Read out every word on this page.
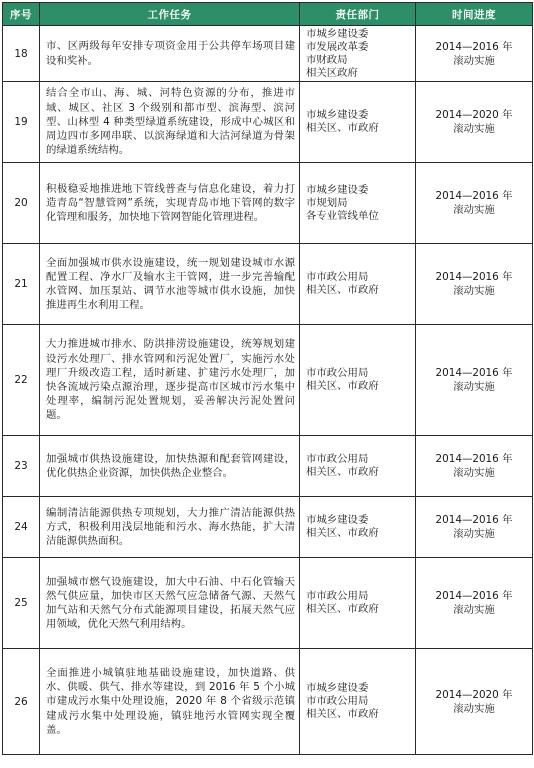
序号	工作任务	责任部门	时间进度
18	市、区两级每年安排专项资金用于公共停车场项目建设和奖补。	市城乡建设委
市发展改革委
市财政局
相关区政府	2014—2016 年
滚动实施

19	结合全市山、海、城、河特色资源的分布，推进市域、城区、社区 3 个级别和都市型、滨海型、滨河型、山林型 4 种类型绿道系统建设，形成中心城区和周边四市多网串联、以滨海绿道和大沽河绿道为骨架的绿道系统结构。	市城乡建设委
相关区、市政府	2014—2020 年
滚动实施

20	积极稳妥地推进地下管线普查与信息化建设，着力打造青岛“智慧管网”系统，实现青岛市地下管网的数字化管理和服务，加快地下管网智能化管理进程。	市城乡建设委
市规划局
各专业管线单位	2014—2016 年
滚动实施

21	全面加强城市供水设施建设，统一规划建设城市水源配置工程、净水厂及输水主干管网，进一步完善输配水管网、加压泵站、调节水池等城市供水设施，加快推进再生水利用工程。	市市政公用局
相关区、市政府	2014—2016 年
滚动实施

22	大力推进城市排水、防洪排涝设施建设，统筹规划建设污水处理厂、排水管网和污泥处置厂，实施污水处理厂升级改造工程，适时新建、扩建污水处理厂，加快各流域污染点源治理，逐步提高市区城市污水集中处理率，编制污泥处置规划，妥善解决污泥处置问题。	市市政公用局
相关区、市政府	2014—2016 年
滚动实施

23	加强城市供热设施建设，加快热源和配套管网建设，优化供热企业资源，加快供热企业整合。	市市政公用局
相关区、市政府	2014—2016 年
滚动实施

24	编制清洁能源供热专项规划，大力推广清洁能源供热方式，积极利用浅层地能和污水、海水热能，扩大清洁能源供热面积。	市城乡建设委
相关区、市政府	2014—2016 年
滚动实施

25	加强城市燃气设施建设，加大中石油、中石化管输天然气供应量，加快市区天然气应急储备气源、天然气加气站和天然气分布式能源项目建设，拓展天然气应用领域，优化天然气利用结构。	市市政公用局
相关区、市政府	2014—2016 年
滚动实施

26	全面推进小城镇驻地基础设施建设，加快道路、供水、供暖、供气、排水等建设，到 2016 年 5 个小城市建成污水集中处理设施，2020 年 8 个省级示范镇建成污水集中处理设施，镇驻地污水管网实现全覆盖。	市城乡建设委
市市政公用局
相关区、市政府	2014—2020 年
滚动实施
